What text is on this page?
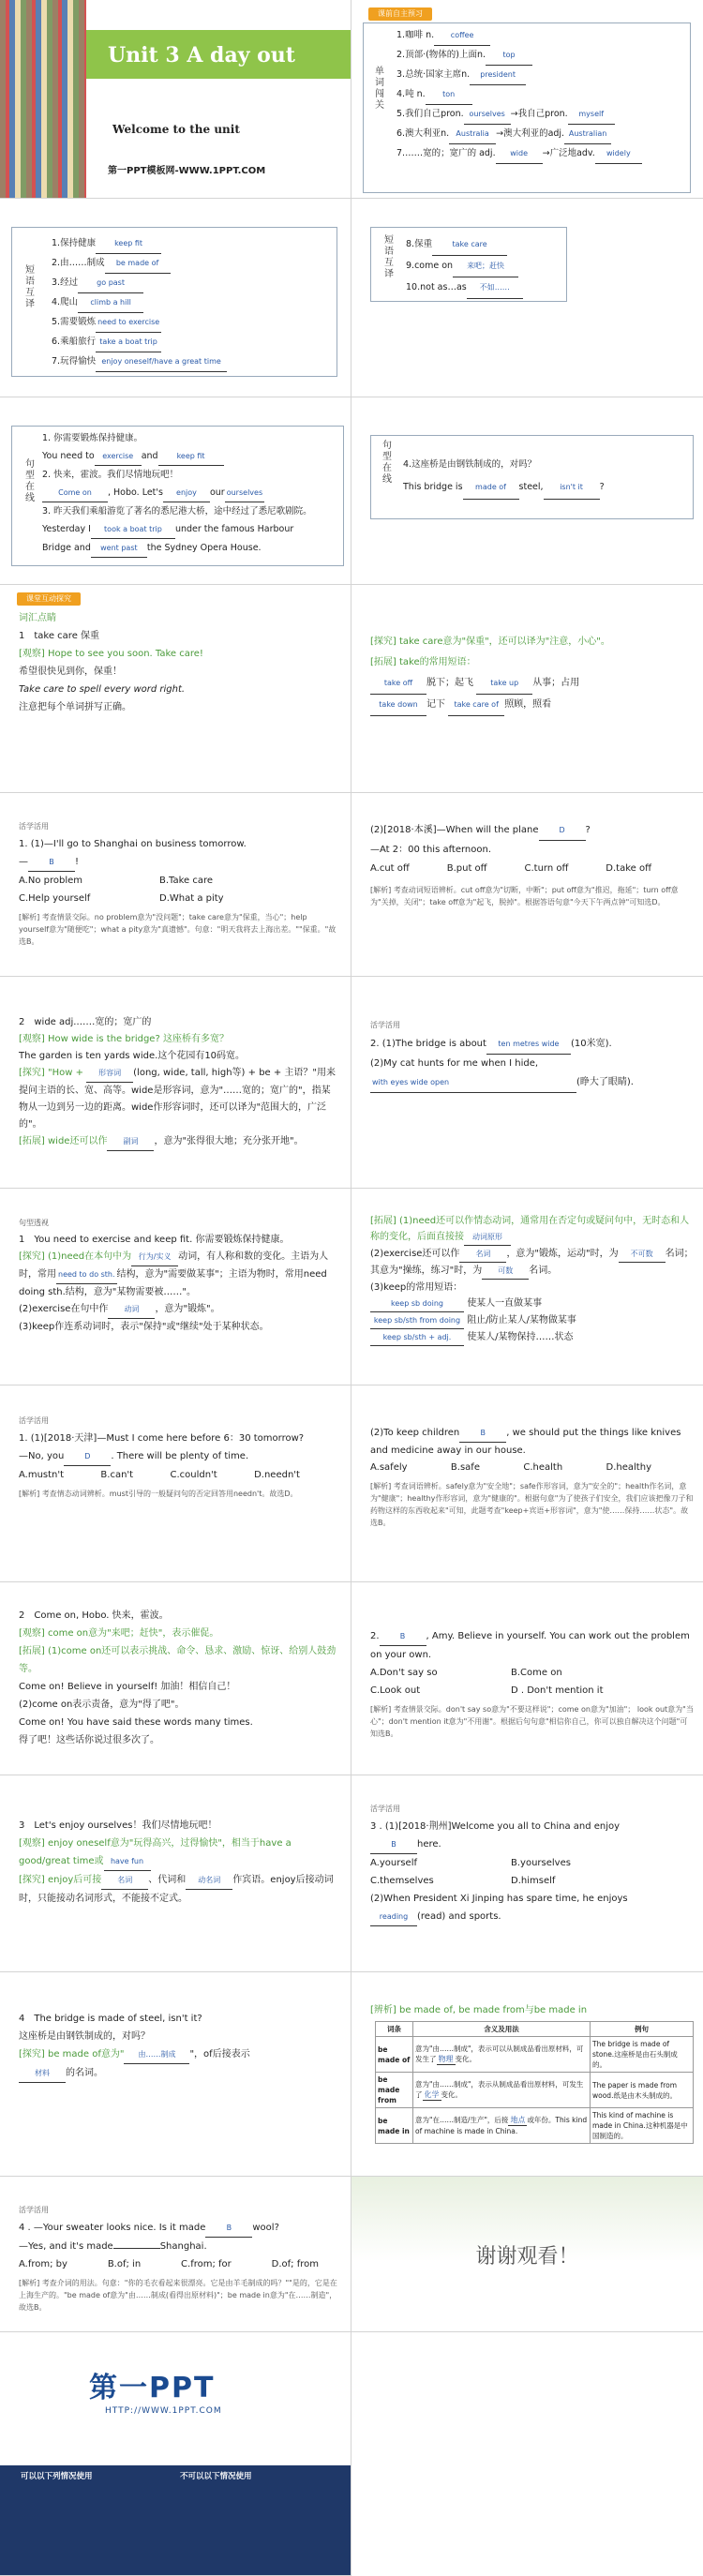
Unit 3 A day out
Welcome to the unit
第一PPT模板网-WWW.1PPT.COM
课前自主预习
单词闯关
1.咖啡 n. coffee
2.顶部·(物体的)上面n. top
3.总统·国家主席n. president
4.吨 n. ton
5.我们自己pron. ourselves →我自己pron. myself
6.澳大利亚n. Australia →澳大利亚的adj. Australian
7.……宽的；宽广的 adj. wide →广泛地adv. widely
短语互译
1.保持健康	keep fit
2.由……制成 be made of
3.经过	go past
4.爬山 climb a hill
5.需要锻炼 need to exercise
6.乘船旅行 take a boat trip
7.玩得愉快 enjoy oneself/have a great time
短语互译 8.保重	take care
9.come on 来吧；赶快
10.not as…as 不如……
句型在线
1. 你需要锻炼保持健康。
You need to exercise and	keep fit
2. 快来，霍波。我们尽情地玩吧！
Come on , Hobo. Let's enjoy our ourselves
3. 昨天我们乘船游览了著名的悉尼港大桥，途中经过了悉尼歌剧院。
Yesterday I took a boat trip under the famous Harbour
Bridge and went past the Sydney Opera House.
句型在线 4.这座桥是由钢铁制成的，对吗？
This bridge is made of steel, isn't it ?
课堂互动探究
词汇点睛
1　take care 保重
[观察] Hope to see you soon. Take care!
希望很快见到你，保重！
Take care to spell every word right.
注意把每个单词拼写正确。
[探究] take care意为"保重"，还可以译为"注意，小心"。
[拓展] take的常用短语：
take off 脱下；起飞 take up 从事；占用
take down 记下 take care of 照顾，照看
活学活用
1. (1)—I'll go to Shanghai on business tomorrow.
—	B !
A.No problem	B.Take care
C.Help yourself	D.What a pity
[解析] 考查情景交际。no problem意为"没问题"；take care意为"保重，当心"；help yourself意为"随便吃"；what a pity意为"真遗憾"。句意："明天我将去上海出差。""保重。"故选B。
(2)[2018·本溪]—When will the plane	D ?
—At 2：00 this afternoon.
A.cut off	B.put off	C.turn off	D.take off
[解析] 考查动词短语辨析。cut off意为"切断，中断"；put off意为"推迟，拖延"；turn off意为"关掉，关闭"；take off意为"起飞，脱掉"。根据答语句意"今天下午两点钟"可知选D。
2　wide adj.……宽的；宽广的
[观察] How wide is the bridge? 这座桥有多宽？
The garden is ten yards wide.这个花园有10码宽。
[探究] "How + 形容词 (long, wide, tall, high等) + be + 主语？"用来提问主语的长、宽、高等。wide是形容词，意为"……宽的；宽广的"，指某物从一边到另一边的距离。wide作形容词时，还可以译为"范围大的，广泛的"。
[拓展] wide还可以作 副词 ，意为"张得很大地；充分张开地"。
活学活用
2. (1)The bridge is about ten metres wide (10米宽).
(2)My cat hunts for me when I hide,
with eyes wide open	(睁大了眼睛).
句型透视
1　You need to exercise and keep fit. 你需要锻炼保持健康。
[探究] (1)need在本句中为 行为/实义 动词，有人称和数的变化。主语为人时，常用 need to do sth. 结构，意为"需要做某事"；主语为物时，常用need doing sth.结构，意为"某物需要被……"。
(2)exercise在句中作 动词 ，意为"锻炼"。
(3)keep作连系动词时，表示"保持"或"继续"处于某种状态。
[拓展] (1)need还可以作情态动词，通常用在否定句或疑问句中，无时态和人称的变化，后面直接接 动词原形
(2)exercise还可以作 名词 ，意为"锻炼，运动"时，为 不可数 名词；其意为"操练，练习"时，为 可数 名词。
(3)keep的常用短语：
keep sb doing	使某人一直做某事
keep sb/sth from doing 阻止/防止某人/某物做某事
keep sb/sth + adj. 使某人/某物保持……状态
活学活用
1. (1)[2018·天津]—Must I come here before 6：30 tomorrow?
—No, you	D . There will be plenty of time.
A.mustn't	B.can't	C.couldn't	D.needn't
[解析] 考查情态动词辨析。must引导的一般疑问句的否定回答用needn't。故选D。
(2)To keep children	B , we should put the things like knives and medicine away in our house.
A.safely	B.safe	C.health	D.healthy
[解析] 考查词语辨析。safely意为"安全地"；safe作形容词，意为"安全的"；health作名词，意为"健康"；healthy作形容词，意为"健康的"。根据句意"为了使孩子们安全，我们应该把像刀子和药物这样的东西收起来"可知，此题考查"keep+宾语+形容词"，意为"使……保持……状态"。故选B。
2　Come on, Hobo. 快来，霍波。
[观察] come on意为"来吧；赶快"，表示催促。
[拓展] (1)come on还可以表示挑战、命令、恳求、激励、惊讶、给别人鼓劲等。
Come on! Believe in yourself! 加油！相信自己！
(2)come on表示责备，意为"得了吧"。
Come on! You have said these words many times.
得了吧！这些话你说过很多次了。
2.	B , Amy. Believe in yourself. You can work out the problem on your own.
A.Don't say so	B.Come on
C.Look out	D . Don't mention it
[解析] 考查情景交际。don't say so意为"不要这样说"；come on意为"加油"； look out意为"当心"；don't mention it意为"不用谢"。根据后句句意"相信你自己，你可以独自解决这个问题"可知选B。
3　Let's enjoy ourselves！我们尽情地玩吧！
[观察] enjoy oneself意为"玩得高兴，过得愉快"，相当于have a good/great time或 have fun
[探究] enjoy后可接 名词 、代词和 动名词 作宾语。enjoy后接动词时，只能接动名词形式，不能接不定式。
活学活用
3 . (1)[2018·荆州]Welcome you all to China and enjoy
B here.
A.yourself	B.yourselves
C.themselves	D.himself
(2)When President Xi Jinping has spare time, he enjoys
reading (read) and sports.
4　The bridge is made of steel, isn't it?
这座桥是由钢铁制成的，对吗？
[探究] be made of意为" 由……制成 "，of后接表示
材料 的名词。
[辨析] be made of, be made from与be made in
词条	含义及用法	例句
be made of	意为"由……制成"，表示可以从制成品看出原材料，可发生了 物理 变化。	The bridge is made of stone.这座桥是由石头制成的。
be made from	意为"由……制成"，表示从制成品看出原材料，可发生了 化学 变化。	The paper is made from wood.纸是由木头制成的。
be made in	意为"在……制造/生产"，后接 地点 或年份。This kind of machine is made in China.	This kind of machine is made in China.这种机器是中国制造的。
活学活用
4 . —Your sweater looks nice. Is it made	B wool?
—Yes, and it's made	Shanghai.
A.from; by	B.of; in	C.from; for	D.of; from
[解析] 考查介词的用法。句意："你的毛衣看起来很漂亮。它是由羊毛制成的吗？""是的，它是在上海生产的。"be made of意为"由……制成(看得出原材料)"；be made in意为"在……制造"，故选B。
谢谢观看！
第一PPT
HTTP://WWW.1PPT.COM
可以以下列情况使用	不可以以下情况使用
